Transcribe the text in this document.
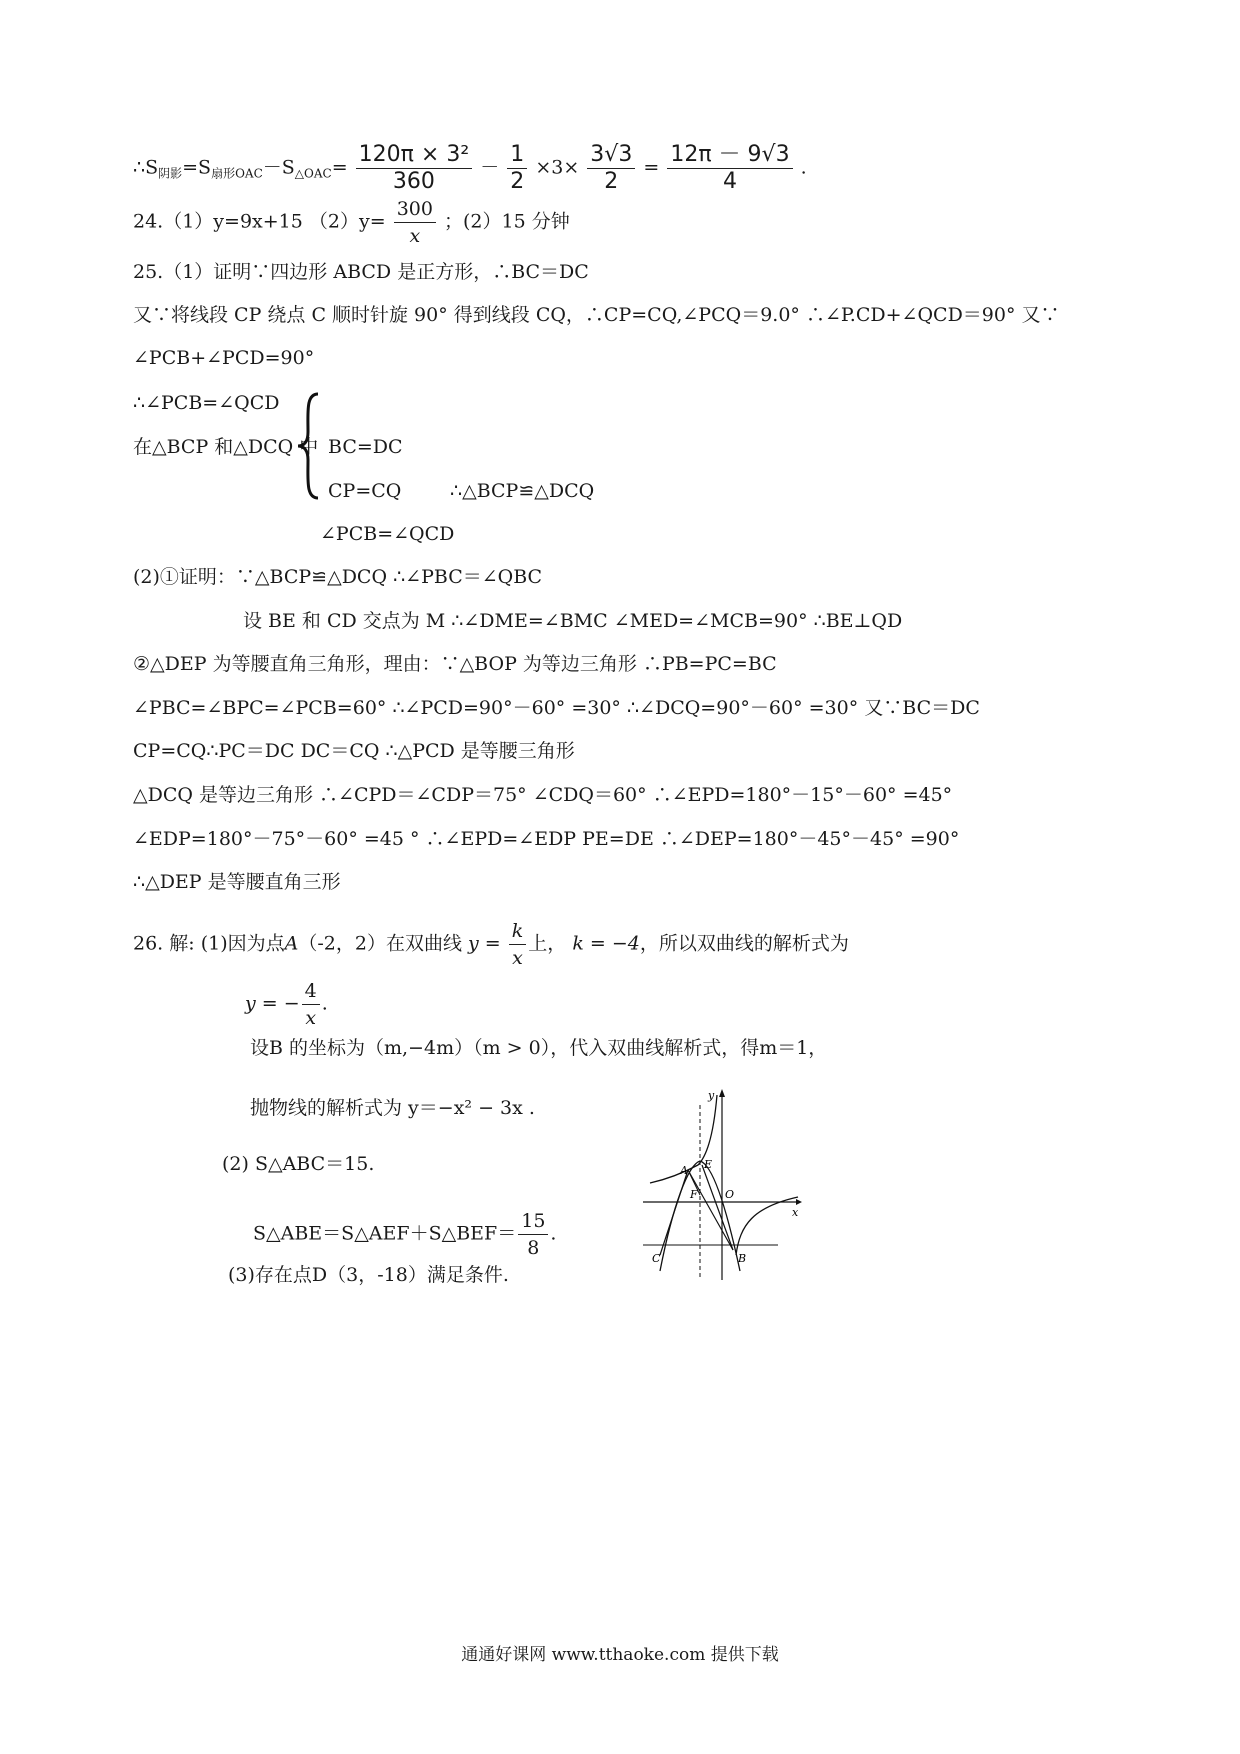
$\therefore S_{阴影}=S_{扇形OAC}-S_{\triangle OAC}= \frac{\text{120π × 3²}}{360} - \frac{1}{2} \times 3\times \frac{3√3}{2} = \frac{12\pi - 9√3}{4}$ .
24.（1）y=9x+15 $(2)y= \frac{300}{x}$ ；(2）15 分钟
25.（1）证明∵四边形 ABCD 是正方形，∴BC＝DC
又∵将线段 CP 绕点 C 顺时针旋 90° 得到线段 CQ，∴CP=CQ,∠PCQ＝9.0° ∴∠P.CD+∠QCD＝90° 又∵
∠PCB+∠PCD=90°
∴∠PCB=∠QCD
在△BCP 和△DCQ 中 BC=DC
CP=CQ	∴△BCP≌△DCQ
∠PCB=∠QCD
(2)①证明：∵△BCP≌△DCQ ∴∠PBC＝∠QBC
设 BE 和 CD 交点为 M ∴∠DME=∠BMC ∠MED=∠MCB=90° ∴BE⊥QD
②△DEP 为等腰直角三角形，理由：∵△BOP 为等边三角形 ∴PB=PC=BC
∠PBC=∠BPC=∠PCB=60° ∴∠PCD=90°－60° =30° ∴∠DCQ=90°－60° =30° 又∵BC＝DC
CP=CQ∴PC＝DC DC＝CQ ∴△PCD 是等腰三角形
△DCQ 是等边三角形 ∴∠CPD＝∠CDP＝75° ∠CDQ＝60° ∴∠EPD=180°－15°－60° =45°
∠EDP=180°－75°－60° =45 ° ∴∠EPD=∠EDP PE=DE ∴∠DEP=180°－45°－45° =90°
∴△DEP 是等腰直角三形
26. 解: (1)因为点A（-2，2）在双曲线 $y = \frac{k}{x}$ 上， k = −4，所以双曲线的解析式为
y = − $\frac{4}{x}$ .
设B 的坐标为（m,−4m）（m > 0），代入双曲线解析式，得m＝1，
抛物线的解析式为 y＝−x² − 3x .
(2) S△ABC＝15.
S△ABE＝S△AEF＋S△BEF＝ $\frac{15}{8}$ .
(3)存在点D（3，-18）满足条件.
y
A E
F O
x
C	B
通通好课网 www.tthaoke.com 提供下载
